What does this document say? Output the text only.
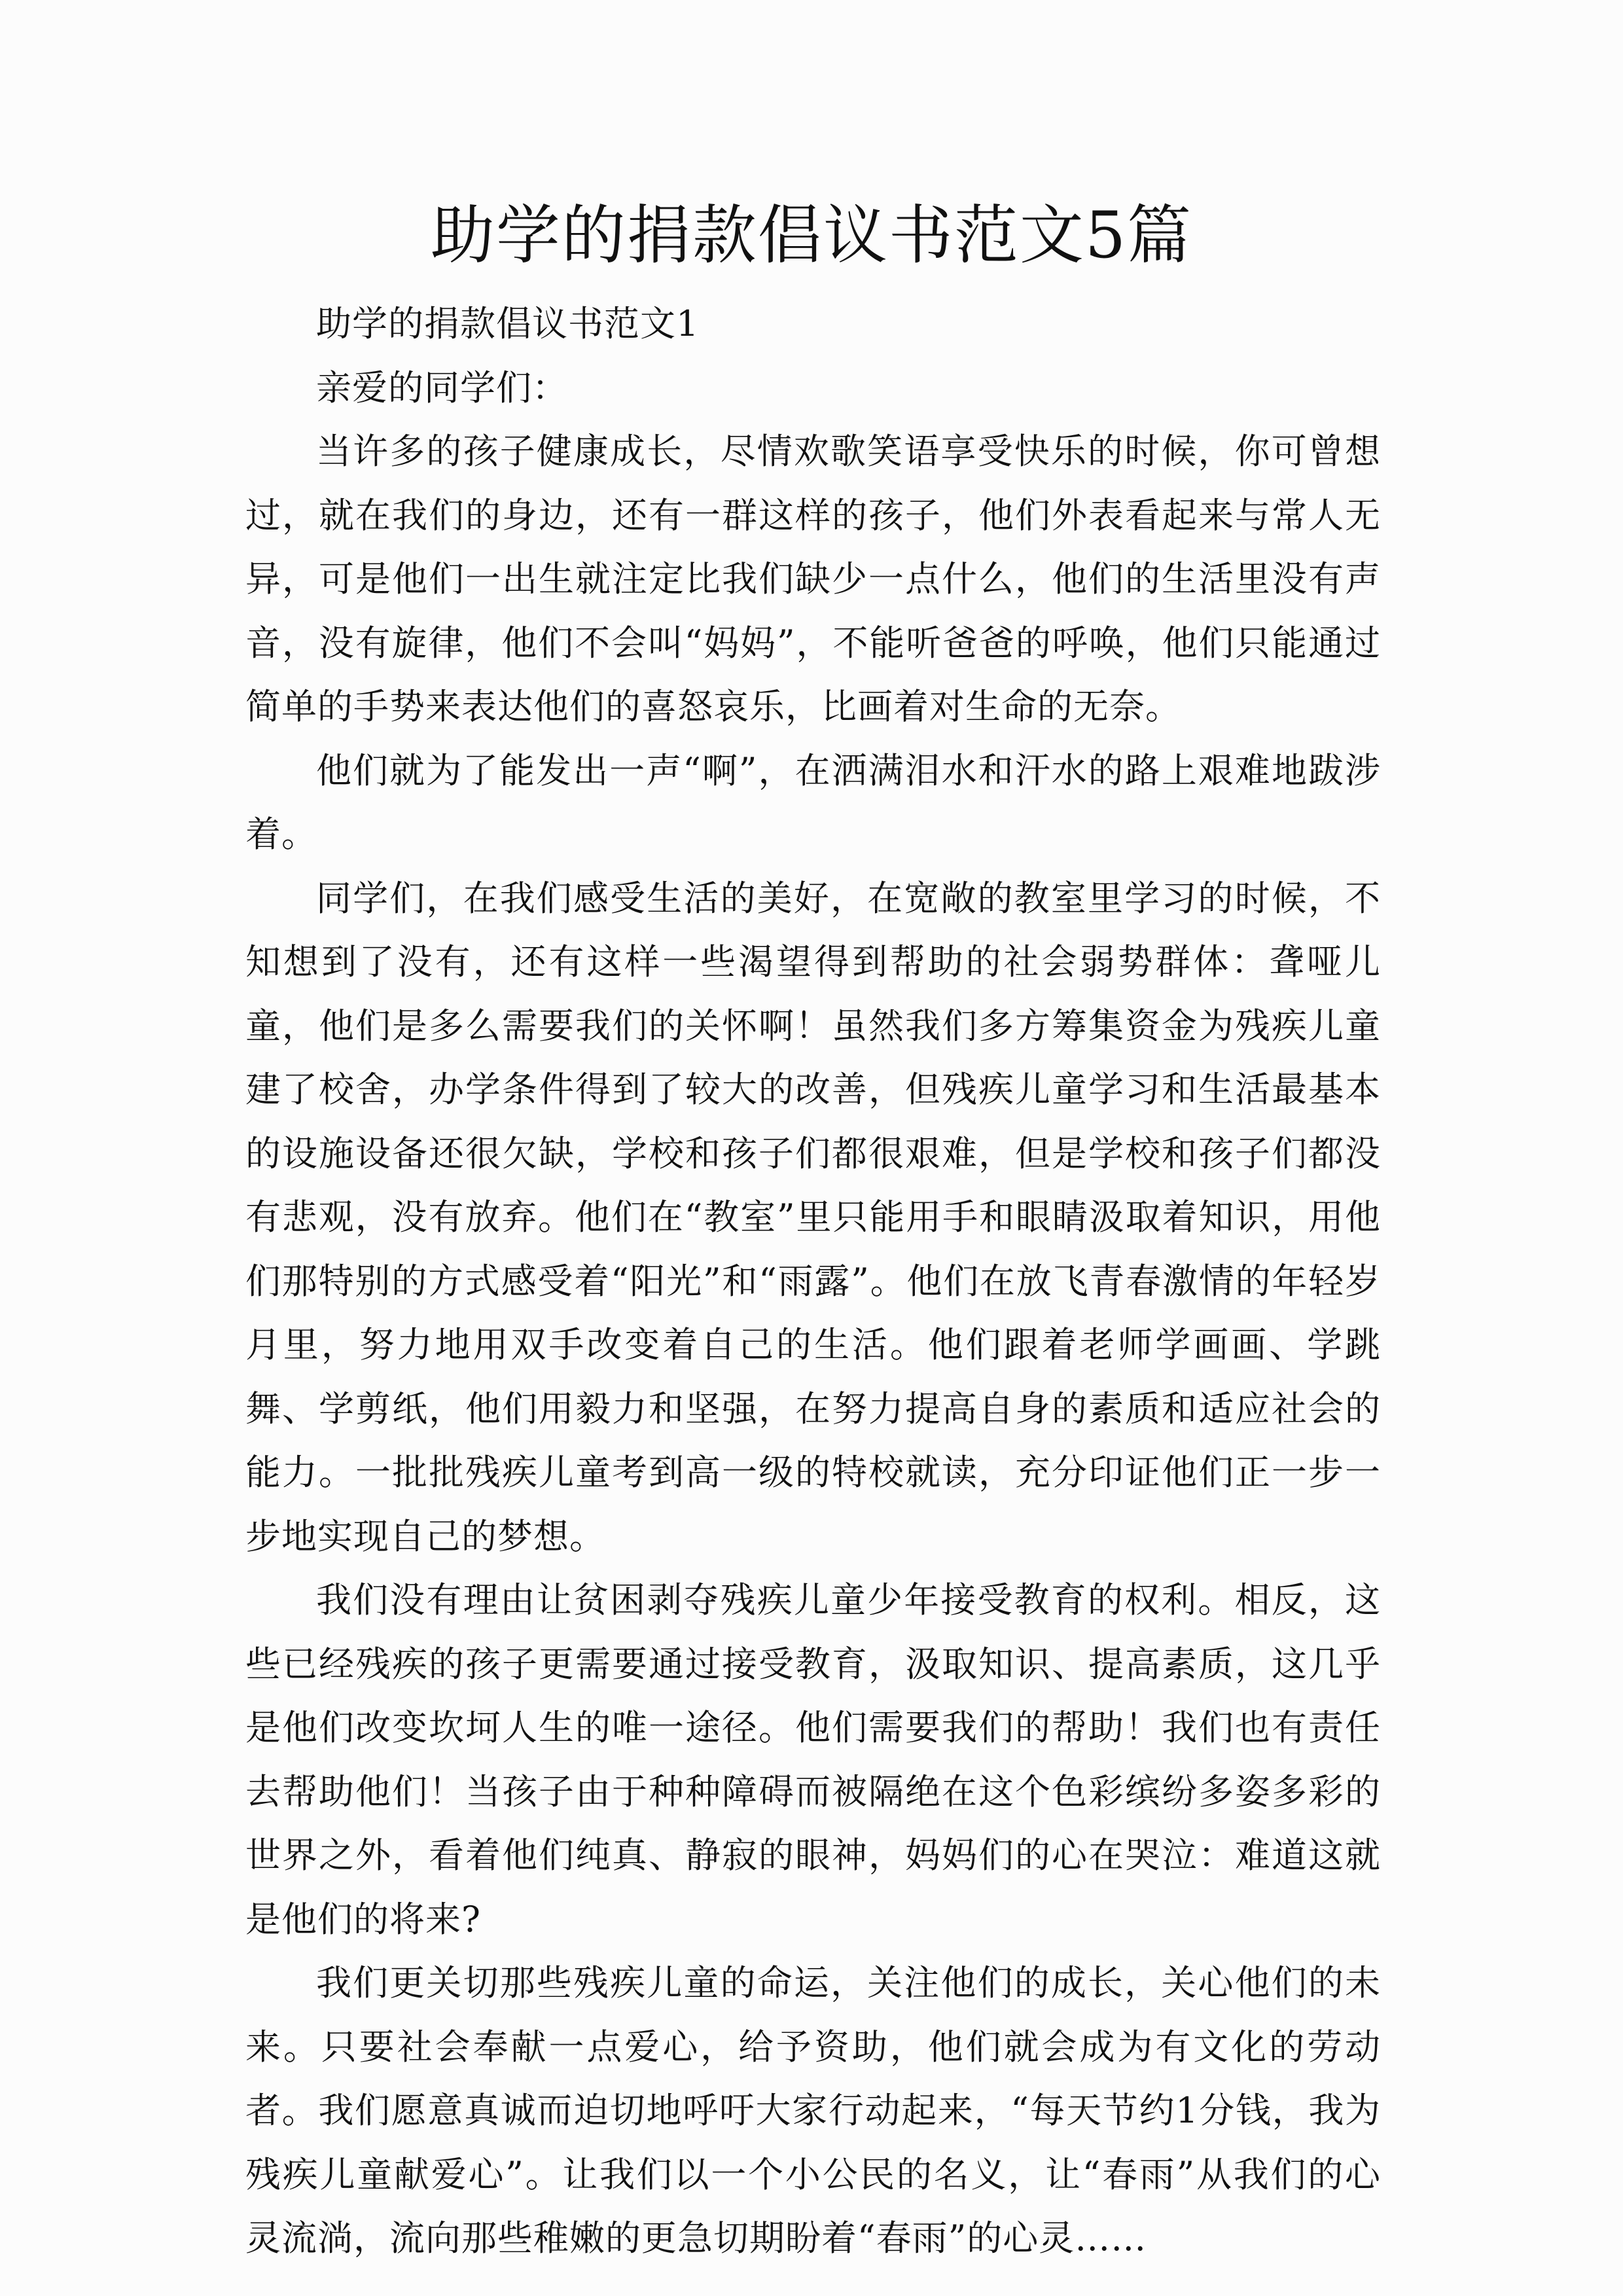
助学的捐款倡议书范文5篇

助学的捐款倡议书范文1

亲爱的同学们：

当许多的孩子健康成长，尽情欢歌笑语享受快乐的时候，你可曾想过，就在我们的身边，还有一群这样的孩子，他们外表看起来与常人无异，可是他们一出生就注定比我们缺少一点什么，他们的生活里没有声音，没有旋律，他们不会叫“妈妈”，不能听爸爸的呼唤，他们只能通过简单的手势来表达他们的喜怒哀乐，比画着对生命的无奈。

他们就为了能发出一声“啊”，在洒满泪水和汗水的路上艰难地跋涉着。

同学们，在我们感受生活的美好，在宽敞的教室里学习的时候，不知想到了没有，还有这样一些渴望得到帮助的社会弱势群体：聋哑儿童，他们是多么需要我们的关怀啊！虽然我们多方筹集资金为残疾儿童建了校舍，办学条件得到了较大的改善，但残疾儿童学习和生活最基本的设施设备还很欠缺，学校和孩子们都很艰难，但是学校和孩子们都没有悲观，没有放弃。他们在“教室”里只能用手和眼睛汲取着知识，用他们那特别的方式感受着“阳光”和“雨露”。他们在放飞青春激情的年轻岁月里，努力地用双手改变着自己的生活。他们跟着老师学画画、学跳舞、学剪纸，他们用毅力和坚强，在努力提高自身的素质和适应社会的能力。一批批残疾儿童考到高一级的特校就读，充分印证他们正一步一步地实现自己的梦想。

我们没有理由让贫困剥夺残疾儿童少年接受教育的权利。相反，这些已经残疾的孩子更需要通过接受教育，汲取知识、提高素质，这几乎是他们改变坎坷人生的唯一途径。他们需要我们的帮助！我们也有责任去帮助他们！当孩子由于种种障碍而被隔绝在这个色彩缤纷多姿多彩的世界之外，看着他们纯真、静寂的眼神，妈妈们的心在哭泣：难道这就是他们的将来?

我们更关切那些残疾儿童的命运，关注他们的成长，关心他们的未来。只要社会奉献一点爱心，给予资助，他们就会成为有文化的劳动者。我们愿意真诚而迫切地呼吁大家行动起来，“每天节约1分钱，我为残疾儿童献爱心”。让我们以一个小公民的名义，让“春雨”从我们的心灵流淌，流向那些稚嫩的更急切期盼着“春雨”的心灵……
